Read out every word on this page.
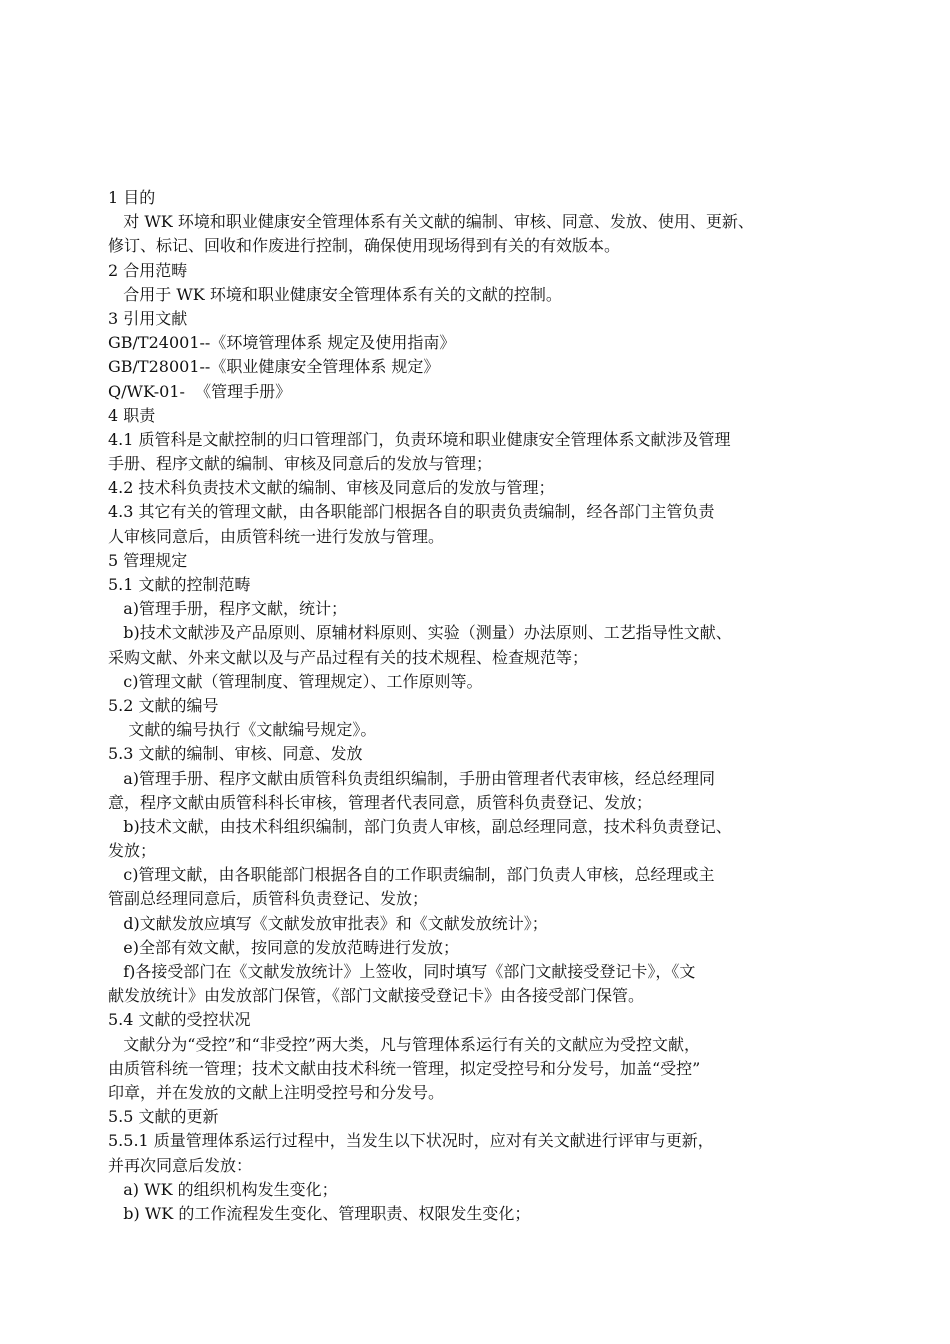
1 目的
对 WK 环境和职业健康安全管理体系有关文献的编制、审核、同意、发放、使用、更新、
修订、标记、回收和作废进行控制，确保使用现场得到有关的有效版本。
2 合用范畴
合用于 WK 环境和职业健康安全管理体系有关的文献的控制。
3 引用文献
GB/T24001--《环境管理体系 规定及使用指南》
GB/T28001--《职业健康安全管理体系 规定》
Q/WK-01-  《管理手册》
4 职责
4.1 质管科是文献控制的归口管理部门，负责环境和职业健康安全管理体系文献涉及管理
手册、程序文献的编制、审核及同意后的发放与管理；
4.2 技术科负责技术文献的编制、审核及同意后的发放与管理；
4.3 其它有关的管理文献，由各职能部门根据各自的职责负责编制，经各部门主管负责
人审核同意后，由质管科统一进行发放与管理。
5 管理规定
5.1 文献的控制范畴
a)管理手册，程序文献，统计；
b)技术文献涉及产品原则、原辅材料原则、实验（测量）办法原则、工艺指导性文献、
采购文献、外来文献以及与产品过程有关的技术规程、检查规范等；
c)管理文献（管理制度、管理规定）、工作原则等。
5.2 文献的编号
文献的编号执行《文献编号规定》。
5.3 文献的编制、审核、同意、发放
a)管理手册、程序文献由质管科负责组织编制，手册由管理者代表审核，经总经理同
意，程序文献由质管科科长审核，管理者代表同意，质管科负责登记、发放；
b)技术文献，由技术科组织编制，部门负责人审核，副总经理同意，技术科负责登记、
发放；
c)管理文献，由各职能部门根据各自的工作职责编制，部门负责人审核，总经理或主
管副总经理同意后，质管科负责登记、发放；
d)文献发放应填写《文献发放审批表》和《文献发放统计》；
e)全部有效文献，按同意的发放范畴进行发放；
f)各接受部门在《文献发放统计》上签收，同时填写《部门文献接受登记卡》，《文
献发放统计》由发放部门保管，《部门文献接受登记卡》由各接受部门保管。
5.4 文献的受控状况
文献分为“受控”和“非受控”两大类，凡与管理体系运行有关的文献应为受控文献，
由质管科统一管理；技术文献由技术科统一管理，拟定受控号和分发号，加盖“受控”
印章，并在发放的文献上注明受控号和分发号。
5.5 文献的更新
5.5.1 质量管理体系运行过程中，当发生以下状况时，应对有关文献进行评审与更新，
并再次同意后发放：
a) WK 的组织机构发生变化；
b) WK 的工作流程发生变化、管理职责、权限发生变化；
